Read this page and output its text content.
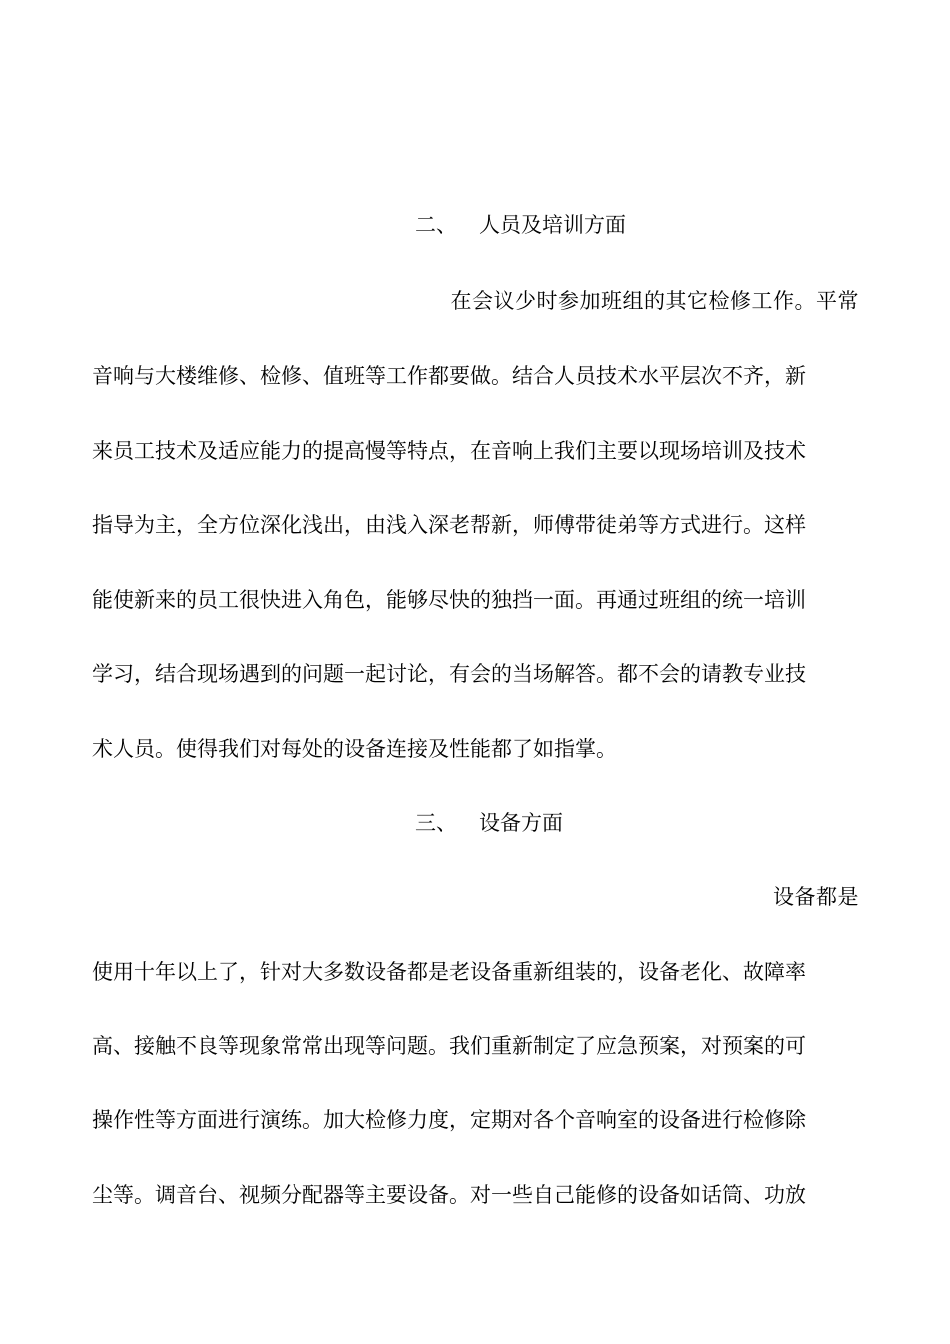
二、 人员及培训方面
在会议少时参加班组的其它检修工作。平常
音响与大楼维修、检修、值班等工作都要做。结合人员技术水平层次不齐，新
来员工技术及适应能力的提高慢等特点，在音响上我们主要以现场培训及技术
指导为主，全方位深化浅出，由浅入深老帮新，师傅带徒弟等方式进行。这样
能使新来的员工很快进入角色，能够尽快的独挡一面。再通过班组的统一培训
学习，结合现场遇到的问题一起讨论，有会的当场解答。都不会的请教专业技
术人员。使得我们对每处的设备连接及性能都了如指掌。
三、 设备方面
设备都是
使用十年以上了，针对大多数设备都是老设备重新组装的，设备老化、故障率
高、接触不良等现象常常出现等问题。我们重新制定了应急预案，对预案的可
操作性等方面进行演练。加大检修力度，定期对各个音响室的设备进行检修除
尘等。调音台、视频分配器等主要设备。对一些自己能修的设备如话筒、功放
